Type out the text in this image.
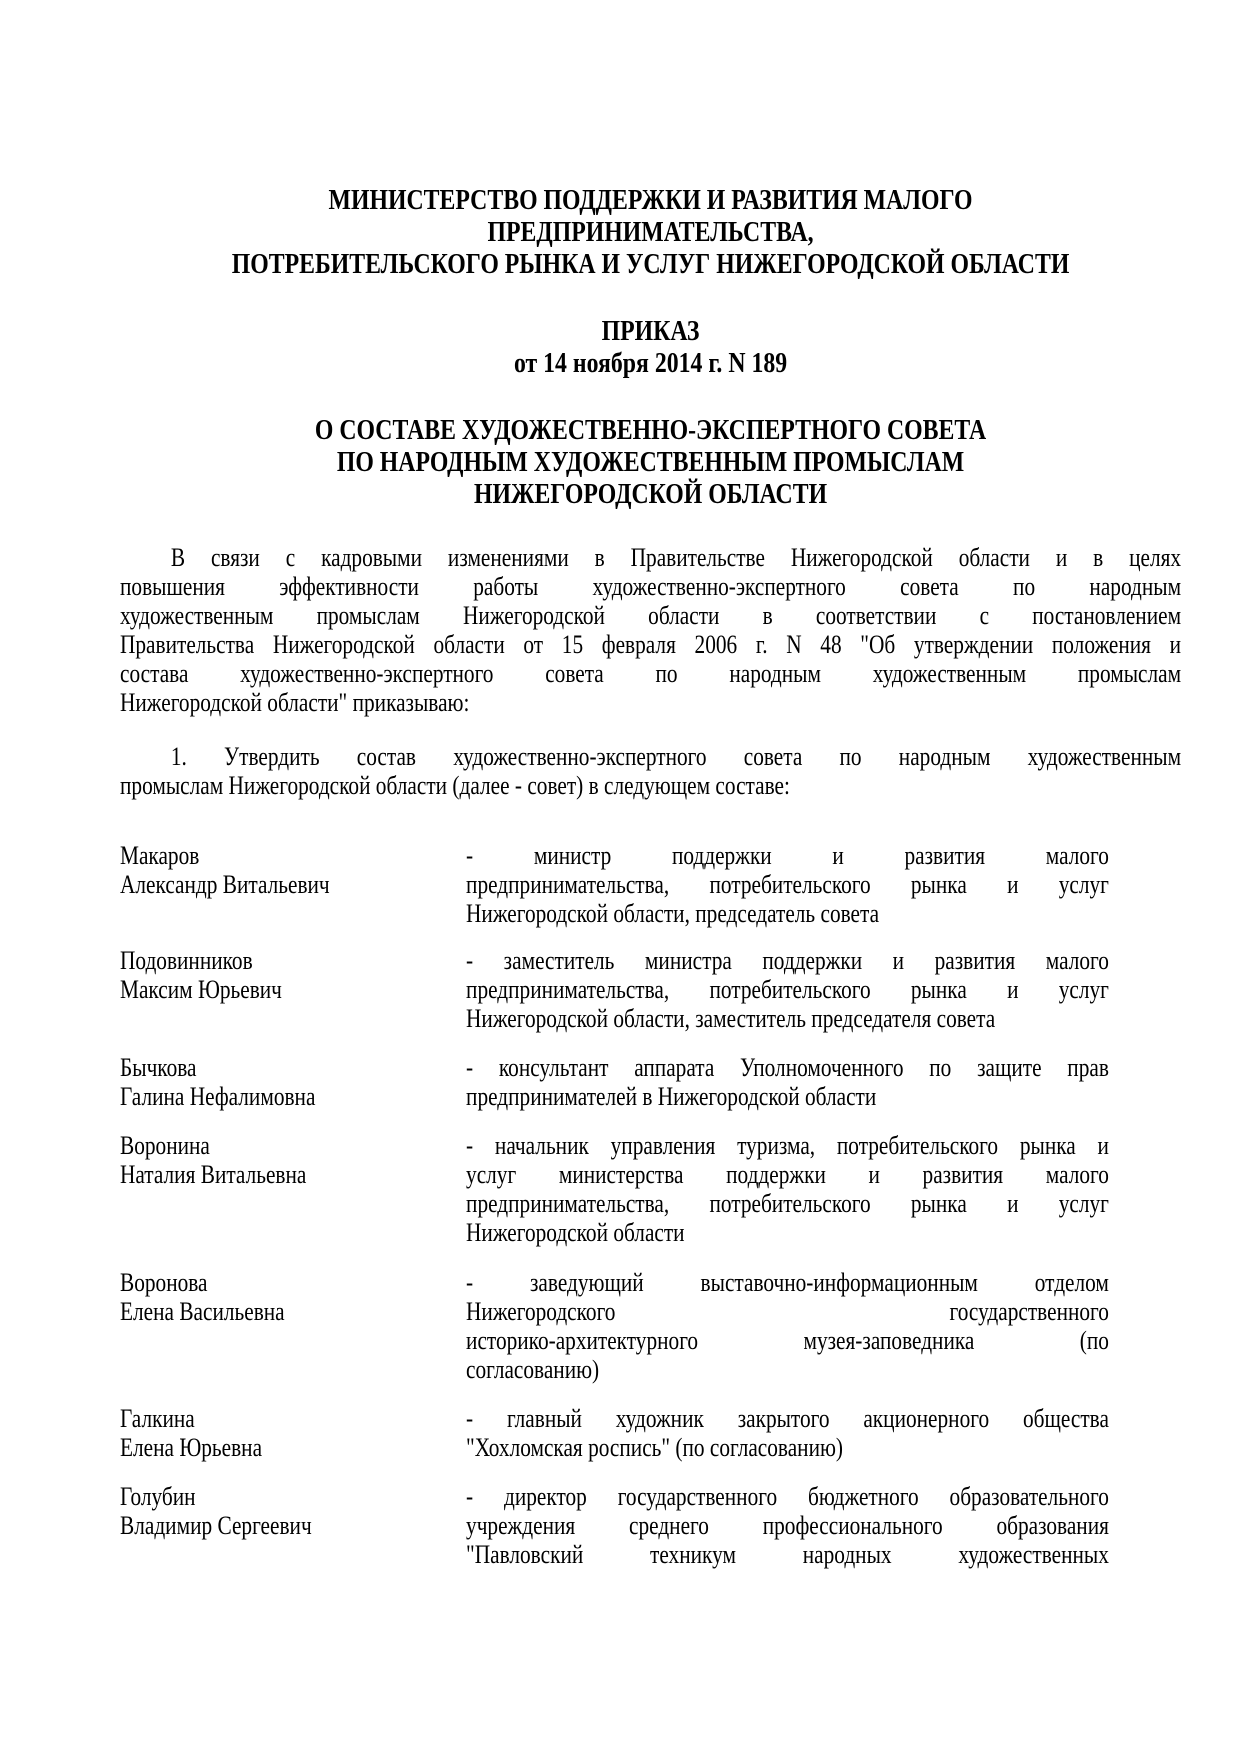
МИНИСТЕРСТВО ПОДДЕРЖКИ И РАЗВИТИЯ МАЛОГО
ПРЕДПРИНИМАТЕЛЬСТВА,
ПОТРЕБИТЕЛЬСКОГО РЫНКА И УСЛУГ НИЖЕГОРОДСКОЙ ОБЛАСТИ
ПРИКАЗ
от 14 ноября 2014 г. N 189
О СОСТАВЕ ХУДОЖЕСТВЕННО-ЭКСПЕРТНОГО СОВЕТА
ПО НАРОДНЫМ ХУДОЖЕСТВЕННЫМ ПРОМЫСЛАМ
НИЖЕГОРОДСКОЙ ОБЛАСТИ
В связи с кадровыми изменениями в Правительстве Нижегородской области и в целях
повышения эффективности работы художественно-экспертного совета по народным
художественным промыслам Нижегородской области в соответствии с постановлением
Правительства Нижегородской области от 15 февраля 2006 г. N 48 "Об утверждении положения и
состава художественно-экспертного совета по народным художественным промыслам
Нижегородской области" приказываю:
1. Утвердить состав художественно-экспертного совета по народным художественным
промыслам Нижегородской области (далее - совет) в следующем составе:
Макаров
Александр Витальевич
- министр поддержки и развития малого
предпринимательства, потребительского рынка и услуг
Нижегородской области, председатель совета
Подовинников
Максим Юрьевич
- заместитель министра поддержки и развития малого
предпринимательства, потребительского рынка и услуг
Нижегородской области, заместитель председателя совета
Бычкова
Галина Нефалимовна
- консультант аппарата Уполномоченного по защите прав
предпринимателей в Нижегородской области
Воронина
Наталия Витальевна
- начальник управления туризма, потребительского рынка и
услуг министерства поддержки и развития малого
предпринимательства, потребительского рынка и услуг
Нижегородской области
Воронова
Елена Васильевна
- заведующий выставочно-информационным отделом
Нижегородского государственного
историко-архитектурного музея-заповедника (по
согласованию)
Галкина
Елена Юрьевна
- главный художник закрытого акционерного общества
"Хохломская роспись" (по согласованию)
Голубин
Владимир Сергеевич
- директор государственного бюджетного образовательного
учреждения среднего профессионального образования
"Павловский техникум народных художественных
